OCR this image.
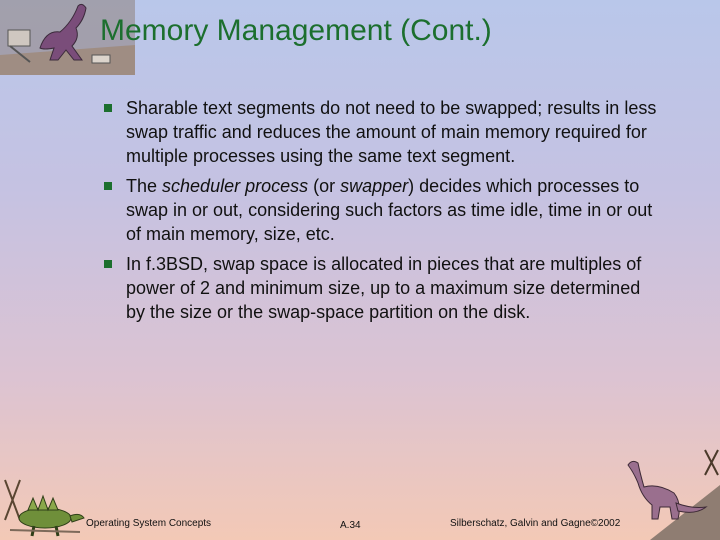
Memory Management (Cont.)
Sharable text segments do not need to be swapped; results in less swap traffic and reduces the amount of main memory required for multiple processes using the same text segment.
The scheduler process (or swapper) decides which processes to swap in or out, considering such factors as time idle, time in or out of main memory, size, etc.
In f.3BSD, swap space is allocated in pieces that are multiples of power of 2 and minimum size, up to a maximum size determined by the size or the swap-space partition on the disk.
Operating System Concepts	A.34	Silberschatz, Galvin and Gagne©2002
